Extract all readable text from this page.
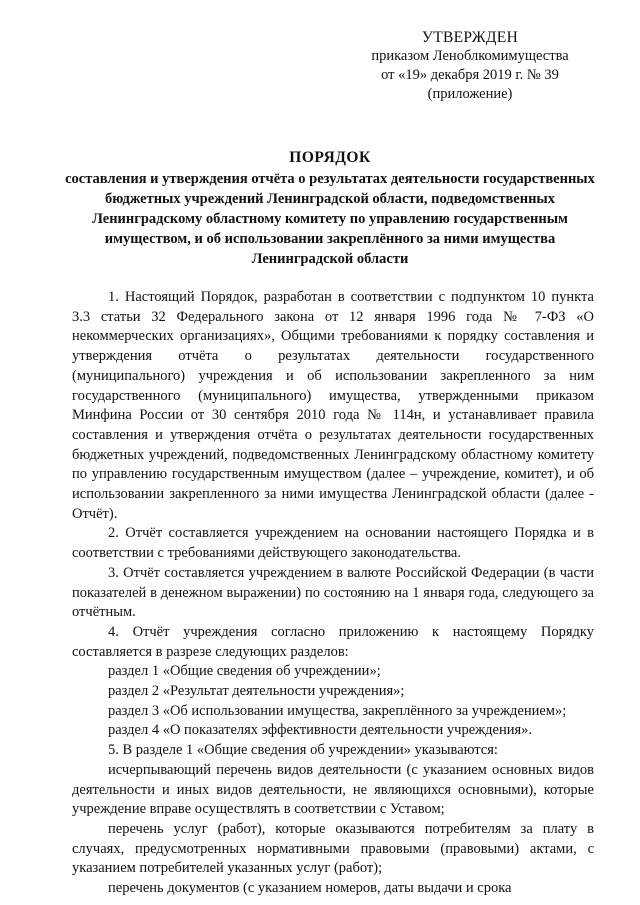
УТВЕРЖДЕН
приказом Леноблкомимущества
от «19» декабря 2019 г. № 39
(приложение)
ПОРЯДОК
составления и утверждения отчёта о результатах деятельности государственных бюджетных учреждений Ленинградской области, подведомственных Ленинградскому областному комитету по управлению государственным имуществом, и об использовании закреплённого за ними имущества Ленинградской области

1. Настоящий Порядок, разработан в соответствии с подпунктом 10 пункта 3.3 статьи 32 Федерального закона от 12 января 1996 года № 7-ФЗ «О некоммерческих организациях», Общими требованиями к порядку составления и утверждения отчёта о результатах деятельности государственного (муниципального) учреждения и об использовании закрепленного за ним государственного (муниципального) имущества, утвержденными приказом Минфина России от 30 сентября 2010 года № 114н, и устанавливает правила составления и утверждения отчёта о результатах деятельности государственных бюджетных учреждений, подведомственных Ленинградскому областному комитету по управлению государственным имуществом (далее – учреждение, комитет), и об использовании закрепленного за ними имущества Ленинградской области (далее - Отчёт).

2. Отчёт составляется учреждением на основании настоящего Порядка и в соответствии с требованиями действующего законодательства.

3. Отчёт составляется учреждением в валюте Российской Федерации (в части показателей в денежном выражении) по состоянию на 1 января года, следующего за отчётным.

4. Отчёт учреждения согласно приложению к настоящему Порядку составляется в разрезе следующих разделов:

раздел 1 «Общие сведения об учреждении»;

раздел 2 «Результат деятельности учреждения»;

раздел 3 «Об использовании имущества, закреплённого за учреждением»;

раздел 4 «О показателях эффективности деятельности учреждения».

5. В разделе 1 «Общие сведения об учреждении» указываются:

исчерпывающий перечень видов деятельности (с указанием основных видов деятельности и иных видов деятельности, не являющихся основными), которые учреждение вправе осуществлять в соответствии с Уставом;

перечень услуг (работ), которые оказываются потребителям за плату в случаях, предусмотренных нормативными правовыми (правовыми) актами, с указанием потребителей указанных услуг (работ);

перечень документов (с указанием номеров, даты выдачи и срока
